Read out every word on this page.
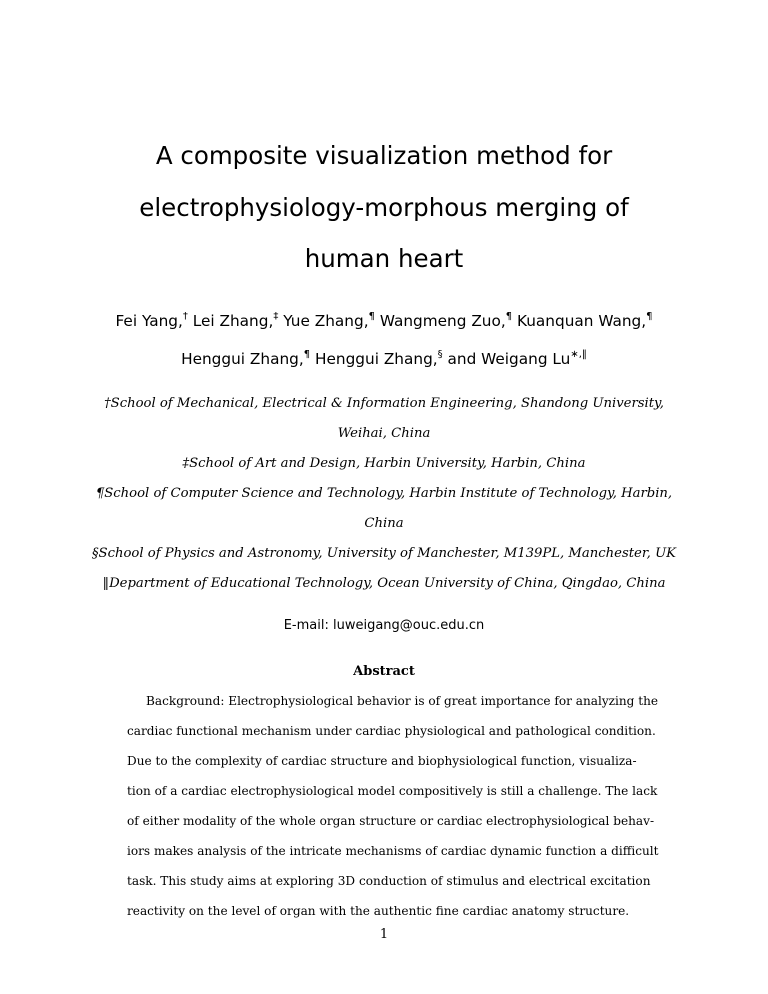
A composite visualization method for
electrophysiology-morphous merging of
human heart
Fei Yang,† Lei Zhang,‡ Yue Zhang,¶ Wangmeng Zuo,¶ Kuanquan Wang,¶
Henggui Zhang,¶ Henggui Zhang,§ and Weigang Lu∗,‖
†School of Mechanical, Electrical & Information Engineering, Shandong University,
Weihai, China
‡School of Art and Design, Harbin University, Harbin, China
¶School of Computer Science and Technology, Harbin Institute of Technology, Harbin,
China
§School of Physics and Astronomy, University of Manchester, M139PL, Manchester, UK
‖Department of Educational Technology, Ocean University of China, Qingdao, China
E-mail: luweigang@ouc.edu.cn
Abstract
Background: Electrophysiological behavior is of great importance for analyzing the
cardiac functional mechanism under cardiac physiological and pathological condition.
Due to the complexity of cardiac structure and biophysiological function, visualiza-
tion of a cardiac electrophysiological model compositively is still a challenge. The lack
of either modality of the whole organ structure or cardiac electrophysiological behav-
iors makes analysis of the intricate mechanisms of cardiac dynamic function a difficult
task. This study aims at exploring 3D conduction of stimulus and electrical excitation
reactivity on the level of organ with the authentic fine cardiac anatomy structure.
1
